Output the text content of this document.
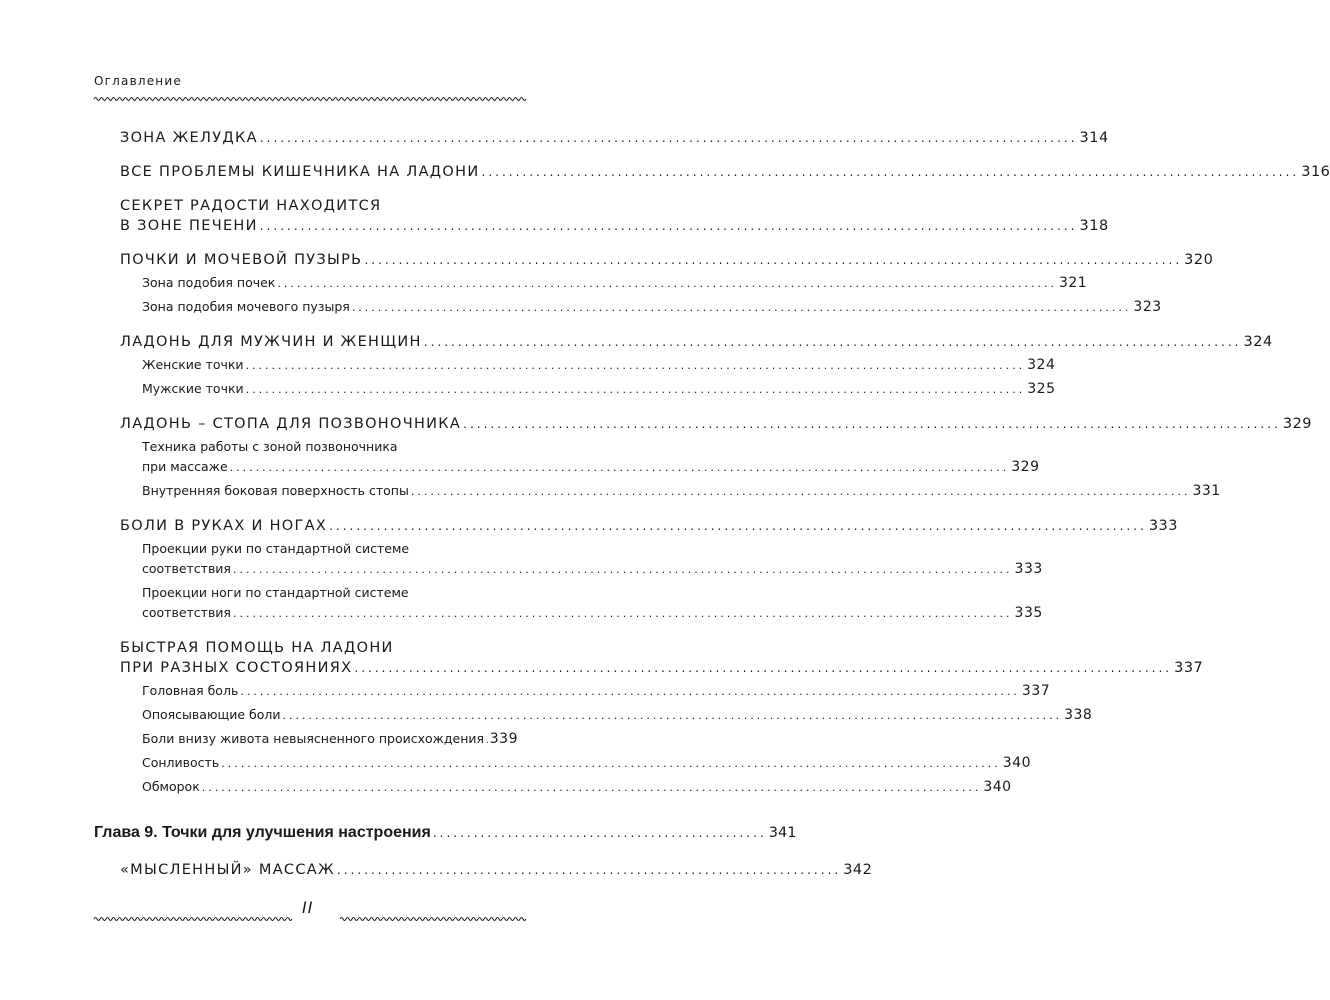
Оглавление
ЗОНА ЖЕЛУДКА ........................................................................................................................ 314
ВСЕ ПРОБЛЕМЫ КИШЕЧНИКА НА ЛАДОНИ ........................................................................................................................ 316
СЕКРЕТ РАДОСТИ НАХОДИТСЯ
В ЗОНЕ ПЕЧЕНИ ........................................................................................................................ 318
ПОЧКИ И МОЧЕВОЙ ПУЗЫРЬ ........................................................................................................................ 320
Зона подобия почек ........................................................................................................................ 321
Зона подобия мочевого пузыря ........................................................................................................................ 323
ЛАДОНЬ ДЛЯ МУЖЧИН И ЖЕНЩИН ........................................................................................................................ 324
Женские точки ........................................................................................................................ 324
Мужские точки ........................................................................................................................ 325
ЛАДОНЬ – СТОПА ДЛЯ ПОЗВОНОЧНИКА ........................................................................................................................ 329
Техника работы с зоной позвоночника
при массаже ........................................................................................................................ 329
Внутренняя боковая поверхность стопы ........................................................................................................................ 331
БОЛИ В РУКАХ И НОГАХ ........................................................................................................................ 333
Проекции руки по стандартной системе
соответствия ........................................................................................................................ 333
Проекции ноги по стандартной системе
соответствия ........................................................................................................................ 335
БЫСТРАЯ ПОМОЩЬ НА ЛАДОНИ
ПРИ РАЗНЫХ СОСТОЯНИЯХ ........................................................................................................................ 337
Головная боль ........................................................................................................................ 337
Опоясывающие боли ........................................................................................................................ 338
Боли внизу живота невыясненного происхождения 339
Сонливость ........................................................................................................................ 340
Обморок ........................................................................................................................ 340
Глава 9. Точки для улучшения настроения ................................................. 341
«МЫСЛЕННЫЙ» МАССАЖ .......................................................................... 342
II
